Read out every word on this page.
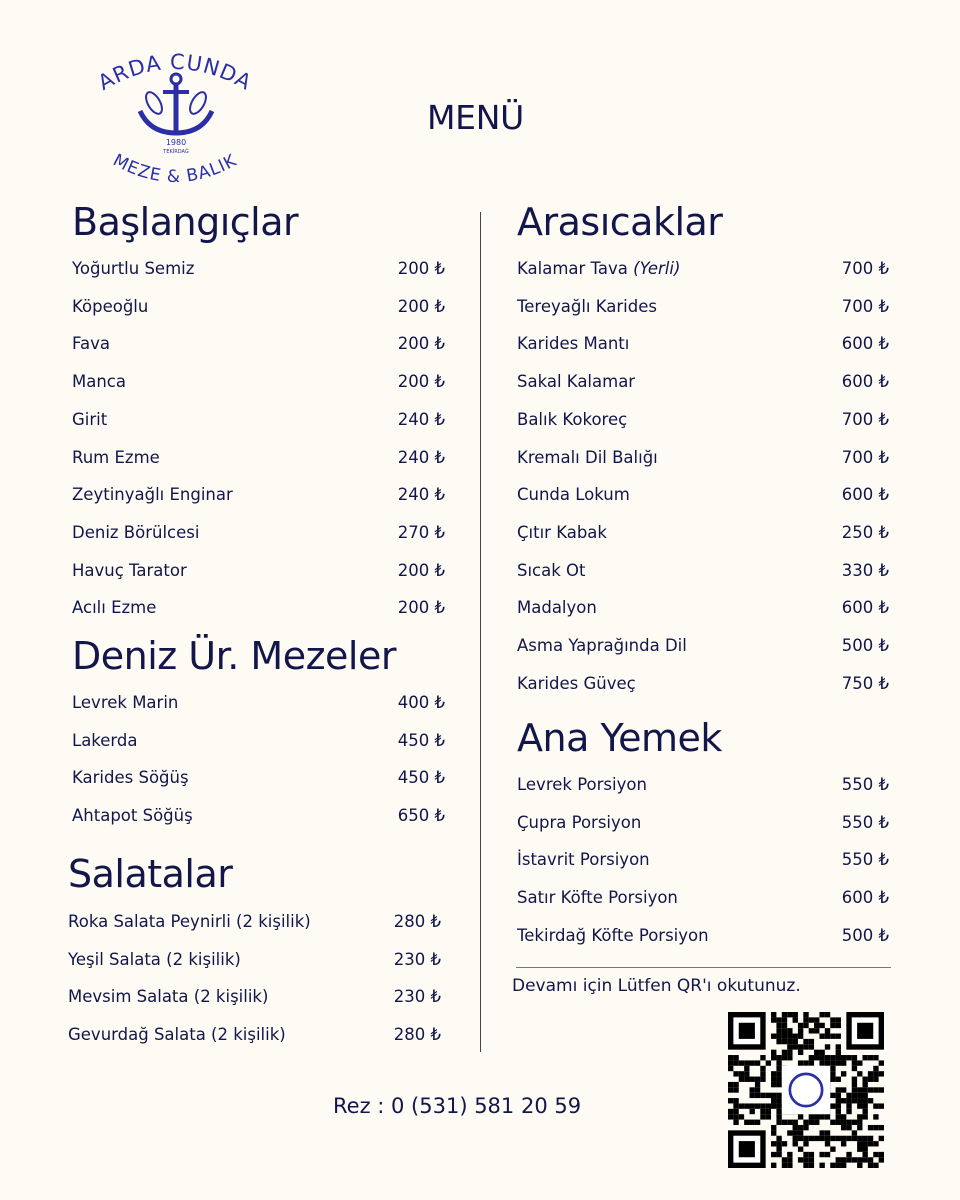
ARDA CUNDA
MEZE & BALIK
1980
TEKİRDAĞ
MENÜ
Başlangıçlar
Yoğurtlu Semiz	200 ₺
Köpeoğlu	200 ₺
Fava	200 ₺
Manca	200 ₺
Girit	240 ₺
Rum Ezme	240 ₺
Zeytinyağlı Enginar	240 ₺
Deniz Börülcesi	270 ₺
Havuç Tarator	200 ₺
Acılı Ezme	200 ₺
Deniz Ür. Mezeler
Levrek Marin	400 ₺
Lakerda	450 ₺
Karides Söğüş	450 ₺
Ahtapot Söğüş	650 ₺
Salatalar
Roka Salata Peynirli (2 kişilik)	280 ₺
Yeşil Salata (2 kişilik)	230 ₺
Mevsim Salata (2 kişilik)	230 ₺
Gevurdağ Salata (2 kişilik)	280 ₺
Arasıcaklar
Kalamar Tava (Yerli)	700 ₺
Tereyağlı Karides	700 ₺
Karides Mantı	600 ₺
Sakal Kalamar	600 ₺
Balık Kokoreç	700 ₺
Kremalı Dil Balığı	700 ₺
Cunda Lokum	600 ₺
Çıtır Kabak	250 ₺
Sıcak Ot	330 ₺
Madalyon	600 ₺
Asma Yaprağında Dil	500 ₺
Karides Güveç	750 ₺
Ana Yemek
Levrek Porsiyon	550 ₺
Çupra Porsiyon	550 ₺
İstavrit Porsiyon	550 ₺
Satır Köfte Porsiyon	600 ₺
Tekirdağ Köfte Porsiyon	500 ₺
Devamı için Lütfen QR'ı okutunuz.
Rez : 0 (531) 581 20 59
